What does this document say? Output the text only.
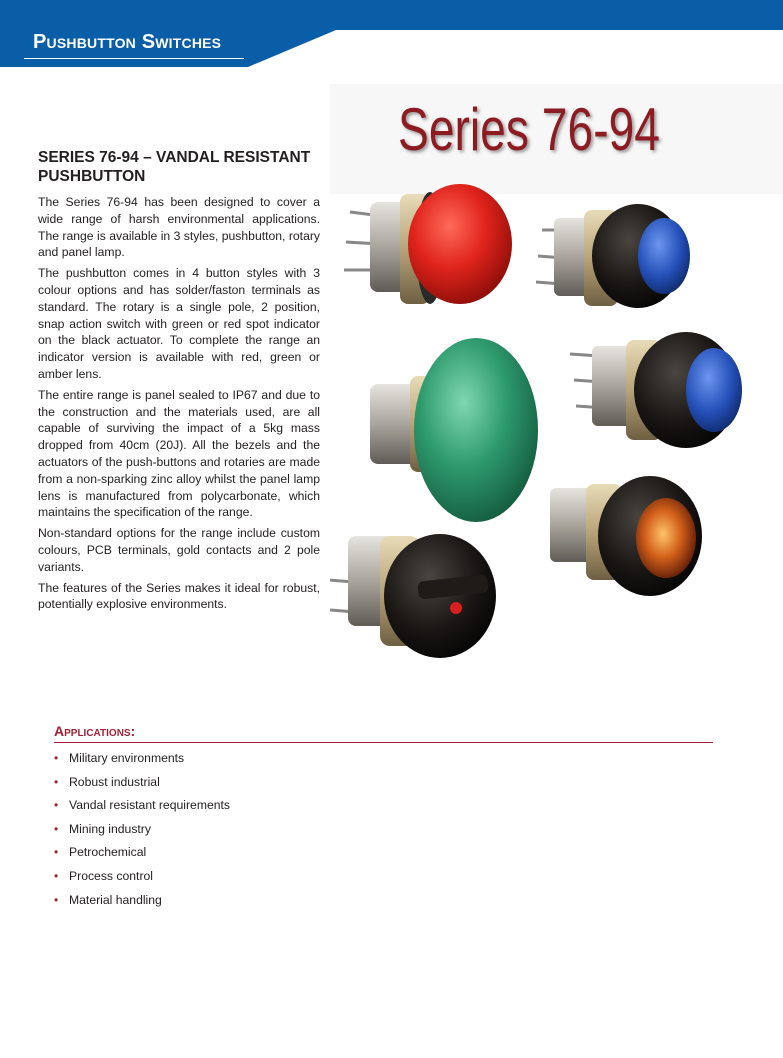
Pushbutton Switches
SERIES 76-94 – VANDAL RESISTANT PUSHBUTTON

The Series 76-94 has been designed to cover a wide range of harsh environmental applications. The range is available in 3 styles, pushbutton, rotary and panel lamp.

The pushbutton comes in 4 button styles with 3 colour options and has solder/faston terminals as standard. The rotary is a single pole, 2 position, snap action switch with green or red spot indicator on the black actuator. To complete the range an indicator version is available with red, green or amber lens.

The entire range is panel sealed to IP67 and due to the construction and the materials used, are all capable of surviving the impact of a 5kg mass dropped from 40cm (20J). All the bezels and the actuators of the push-buttons and rotaries are made from a non-sparking zinc alloy whilst the panel lamp lens is manufactured from polycarbonate, which maintains the specification of the range.

Non-standard options for the range include custom colours, PCB terminals, gold contacts and 2 pole variants.

The features of the Series makes it ideal for robust, potentially explosive environments.

Series 76-94
Applications:
• Military environments
• Robust industrial
• Vandal resistant requirements
• Mining industry
• Petrochemical
• Process control
• Material handling
